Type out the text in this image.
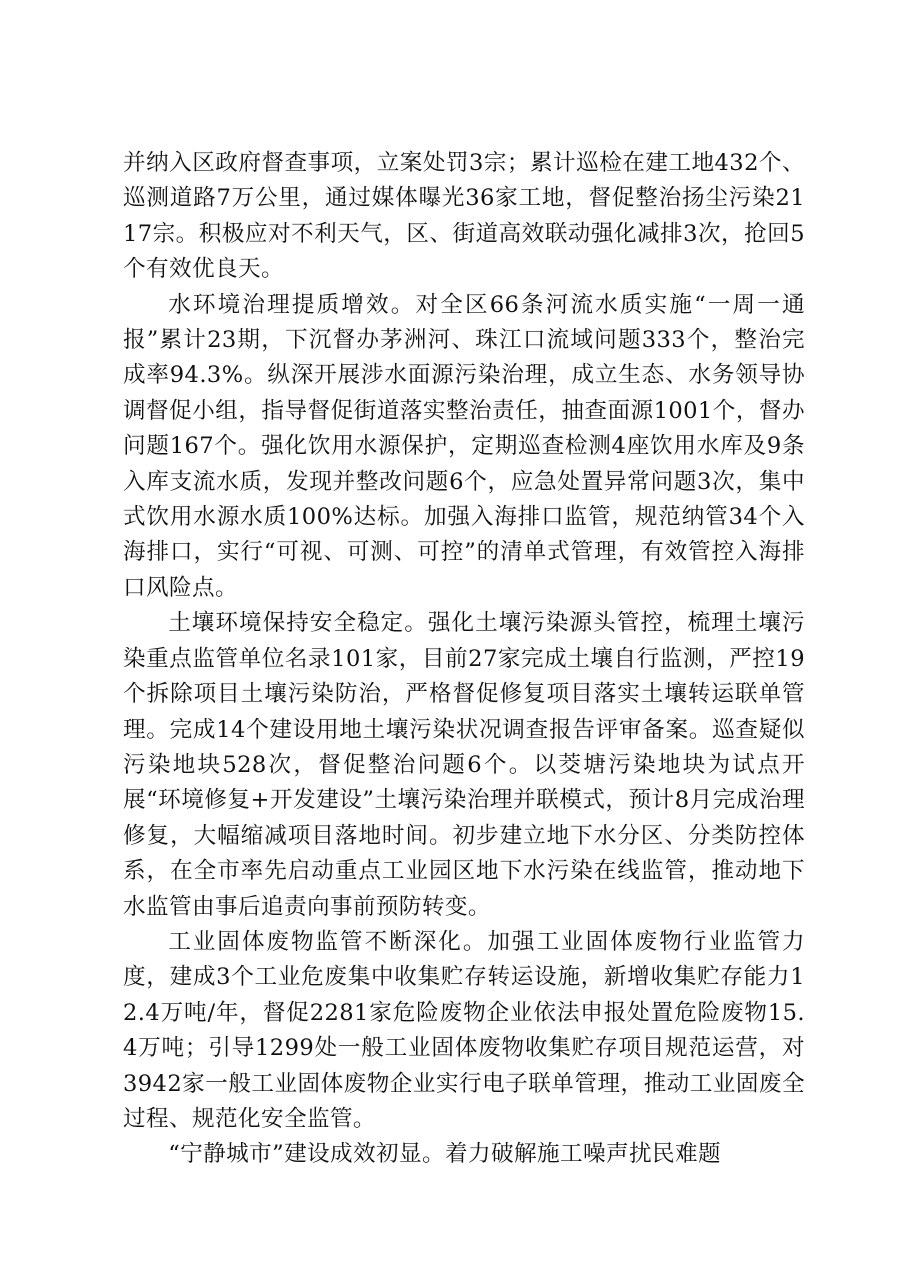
并纳入区政府督查事项，立案处罚3宗；累计巡检在建工地432个、巡测道路7万公里，通过媒体曝光36家工地，督促整治扬尘污染2117宗。积极应对不利天气，区、街道高效联动强化减排3次，抢回5个有效优良天。

水环境治理提质增效。对全区66条河流水质实施“一周一通报”累计23期，下沉督办茅洲河、珠江口流域问题333个，整治完成率94.3%。纵深开展涉水面源污染治理，成立生态、水务领导协调督促小组，指导督促街道落实整治责任，抽查面源1001个，督办问题167个。强化饮用水源保护，定期巡查检测4座饮用水库及9条入库支流水质，发现并整改问题6个，应急处置异常问题3次，集中式饮用水源水质100%达标。加强入海排口监管，规范纳管34个入海排口，实行“可视、可测、可控”的清单式管理，有效管控入海排口风险点。

土壤环境保持安全稳定。强化土壤污染源头管控，梳理土壤污染重点监管单位名录101家，目前27家完成土壤自行监测，严控19个拆除项目土壤污染防治，严格督促修复项目落实土壤转运联单管理。完成14个建设用地土壤污染状况调查报告评审备案。巡查疑似污染地块528次，督促整治问题6个。以茭塘污染地块为试点开展“环境修复+开发建设”土壤污染治理并联模式，预计8月完成治理修复，大幅缩减项目落地时间。初步建立地下水分区、分类防控体系，在全市率先启动重点工业园区地下水污染在线监管，推动地下水监管由事后追责向事前预防转变。

工业固体废物监管不断深化。加强工业固体废物行业监管力度，建成3个工业危废集中收集贮存转运设施，新增收集贮存能力12.4万吨/年，督促2281家危险废物企业依法申报处置危险废物15.4万吨；引导1299处一般工业固体废物收集贮存项目规范运营，对3942家一般工业固体废物企业实行电子联单管理，推动工业固废全过程、规范化安全监管。

“宁静城市”建设成效初显。着力破解施工噪声扰民难题
